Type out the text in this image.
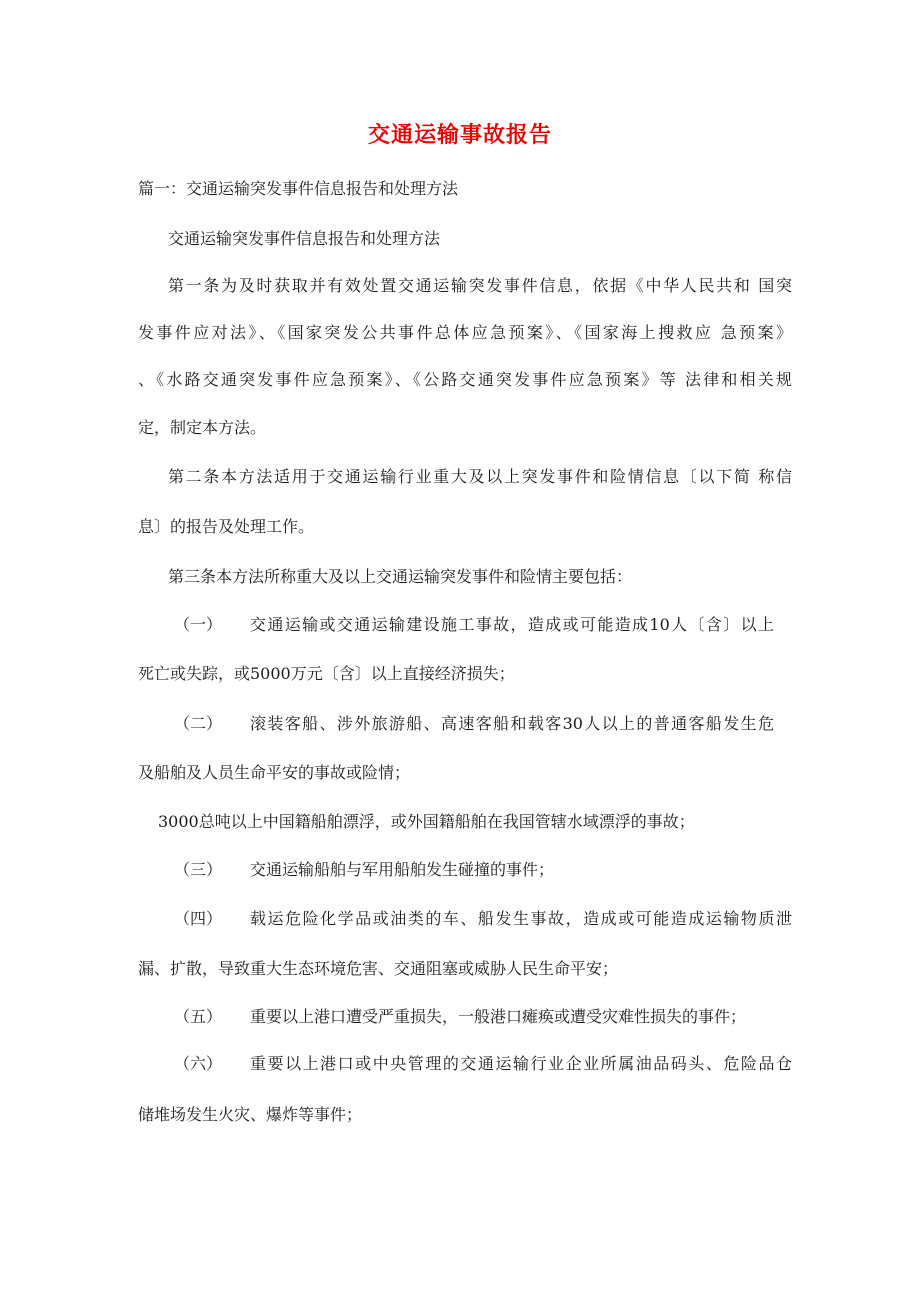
交通运输事故报告
篇一：交通运输突发事件信息报告和处理方法
交通运输突发事件信息报告和处理方法
第一条为及时获取并有效处置交通运输突发事件信息，依据《中华人民共和 国突
发事件应对法》、《国家突发公共事件总体应急预案》、《国家海上搜救应 急预案》
、《水路交通突发事件应急预案》、《公路交通突发事件应急预案》等 法律和相关规
定，制定本方法。
第二条本方法适用于交通运输行业重大及以上突发事件和险情信息〔以下简 称信
息〕的报告及处理工作。
第三条本方法所称重大及以上交通运输突发事件和险情主要包括：
（一） 交通运输或交通运输建设施工事故，造成或可能造成10人〔含〕以上
死亡或失踪，或5000万元〔含〕以上直接经济损失；
（二） 滚装客船、涉外旅游船、高速客船和载客30人以上的普通客船发生危
及船舶及人员生命平安的事故或险情；
3000总吨以上中国籍船舶漂浮，或外国籍船舶在我国管辖水域漂浮的事故；
（三） 交通运输船舶与军用船舶发生碰撞的事件；
（四） 载运危险化学品或油类的车、船发生事故，造成或可能造成运输物质泄
漏、扩散，导致重大生态环境危害、交通阻塞或威胁人民生命平安；
（五） 重要以上港口遭受严重损失，一般港口瘫痪或遭受灾难性损失的事件；
（六） 重要以上港口或中央管理的交通运输行业企业所属油品码头、危险品仓
储堆场发生火灾、爆炸等事件；
